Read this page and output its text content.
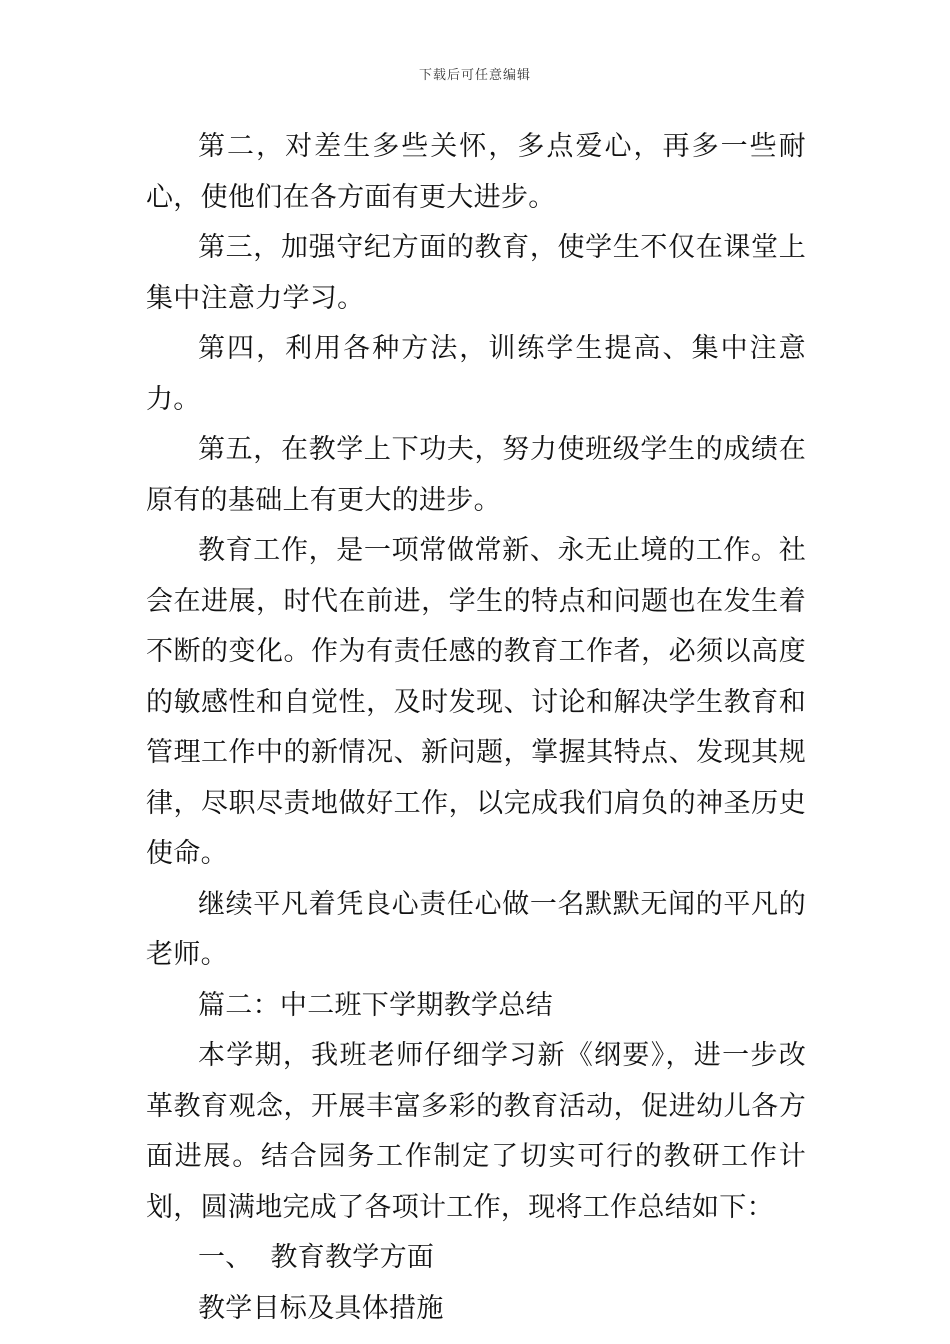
下载后可任意编辑

第二，对差生多些关怀，多点爱心，再多一些耐心，使他们在各方面有更大进步。

第三，加强守纪方面的教育，使学生不仅在课堂上集中注意力学习。

第四，利用各种方法，训练学生提高、集中注意力。

第五，在教学上下功夫，努力使班级学生的成绩在原有的基础上有更大的进步。

教育工作，是一项常做常新、永无止境的工作。社会在进展，时代在前进，学生的特点和问题也在发生着不断的变化。作为有责任感的教育工作者，必须以高度的敏感性和自觉性，及时发现、讨论和解决学生教育和管理工作中的新情况、新问题，掌握其特点、发现其规律，尽职尽责地做好工作，以完成我们肩负的神圣历史使命。

继续平凡着凭良心责任心做一名默默无闻的平凡的老师。

篇二：中二班下学期教学总结

本学期，我班老师仔细学习新《纲要》，进一步改革教育观念，开展丰富多彩的教育活动，促进幼儿各方面进展。结合园务工作制定了切实可行的教研工作计划，圆满地完成了各项计工作，现将工作总结如下：

一、  教育教学方面

教学目标及具体措施
